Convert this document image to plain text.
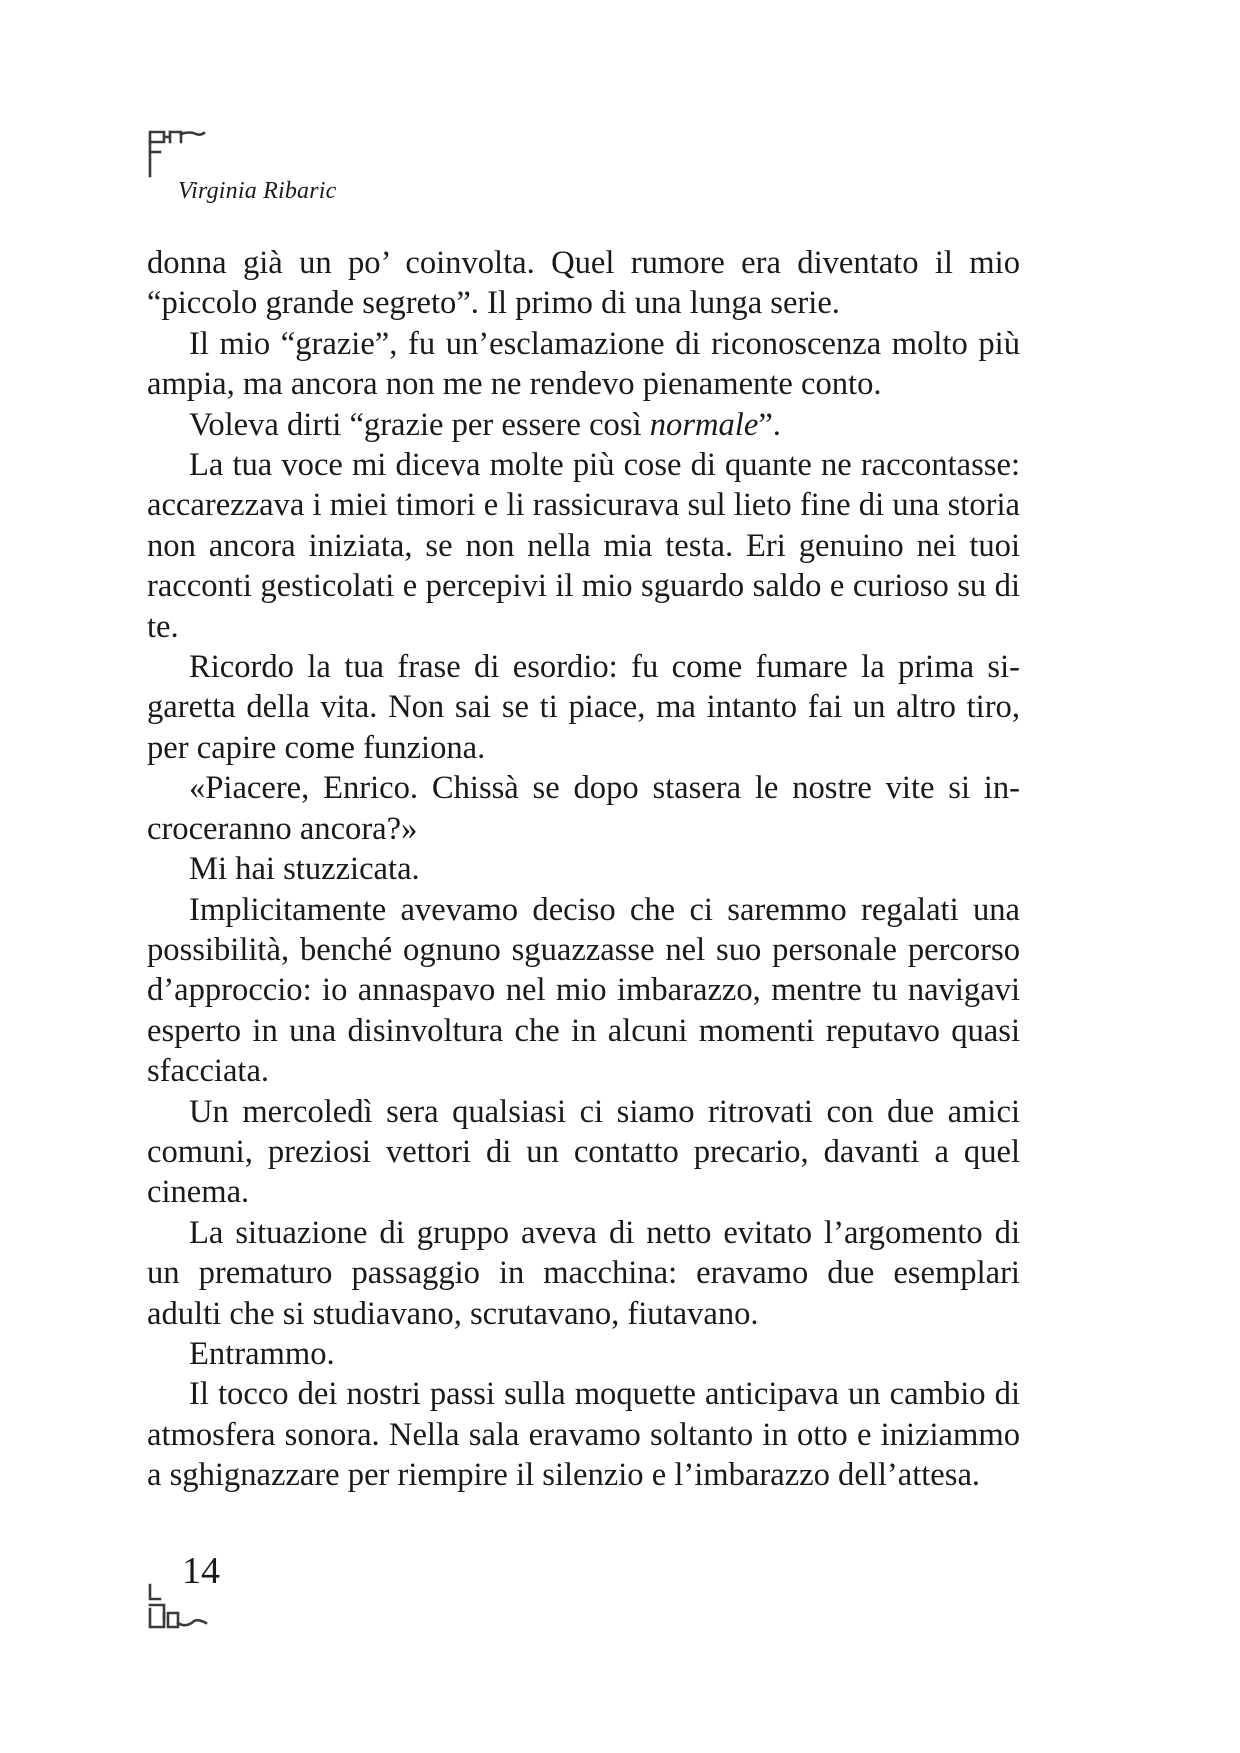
Virginia Ribaric

donna già un po’ coinvolta. Quel rumore era diventato il mio “piccolo grande segreto”. Il primo di una lunga serie.

Il mio “grazie”, fu un’esclamazione di riconoscenza molto più ampia, ma ancora non me ne rendevo pienamente conto.

Voleva dirti “grazie per essere così normale”.

La tua voce mi diceva molte più cose di quante ne raccontasse: accarezzava i miei timori e li rassicurava sul lieto fine di una storia non ancora iniziata, se non nella mia testa. Eri genuino nei tuoi racconti gesticolati e percepivi il mio sguardo saldo e curioso su di te.

Ricordo la tua frase di esordio: fu come fumare la prima sigaretta della vita. Non sai se ti piace, ma intanto fai un altro tiro, per capire come funziona.

«Piacere, Enrico. Chissà se dopo stasera le nostre vite si incroceranno ancora?»

Mi hai stuzzicata.

Implicitamente avevamo deciso che ci saremmo regalati una possibilità, benché ognuno sguazzasse nel suo personale percorso d’approccio: io annaspavo nel mio imbarazzo, mentre tu navigavi esperto in una disinvoltura che in alcuni momenti reputavo quasi sfacciata.

Un mercoledì sera qualsiasi ci siamo ritrovati con due amici comuni, preziosi vettori di un contatto precario, davanti a quel cinema.

La situazione di gruppo aveva di netto evitato l’argomento di un prematuro passaggio in macchina: eravamo due esemplari adulti che si studiavano, scrutavano, fiutavano.

Entrammo.

Il tocco dei nostri passi sulla moquette anticipava un cambio di atmosfera sonora. Nella sala eravamo soltanto in otto e iniziammo a sghignazzare per riempire il silenzio e l’imbarazzo dell’attesa.

14
